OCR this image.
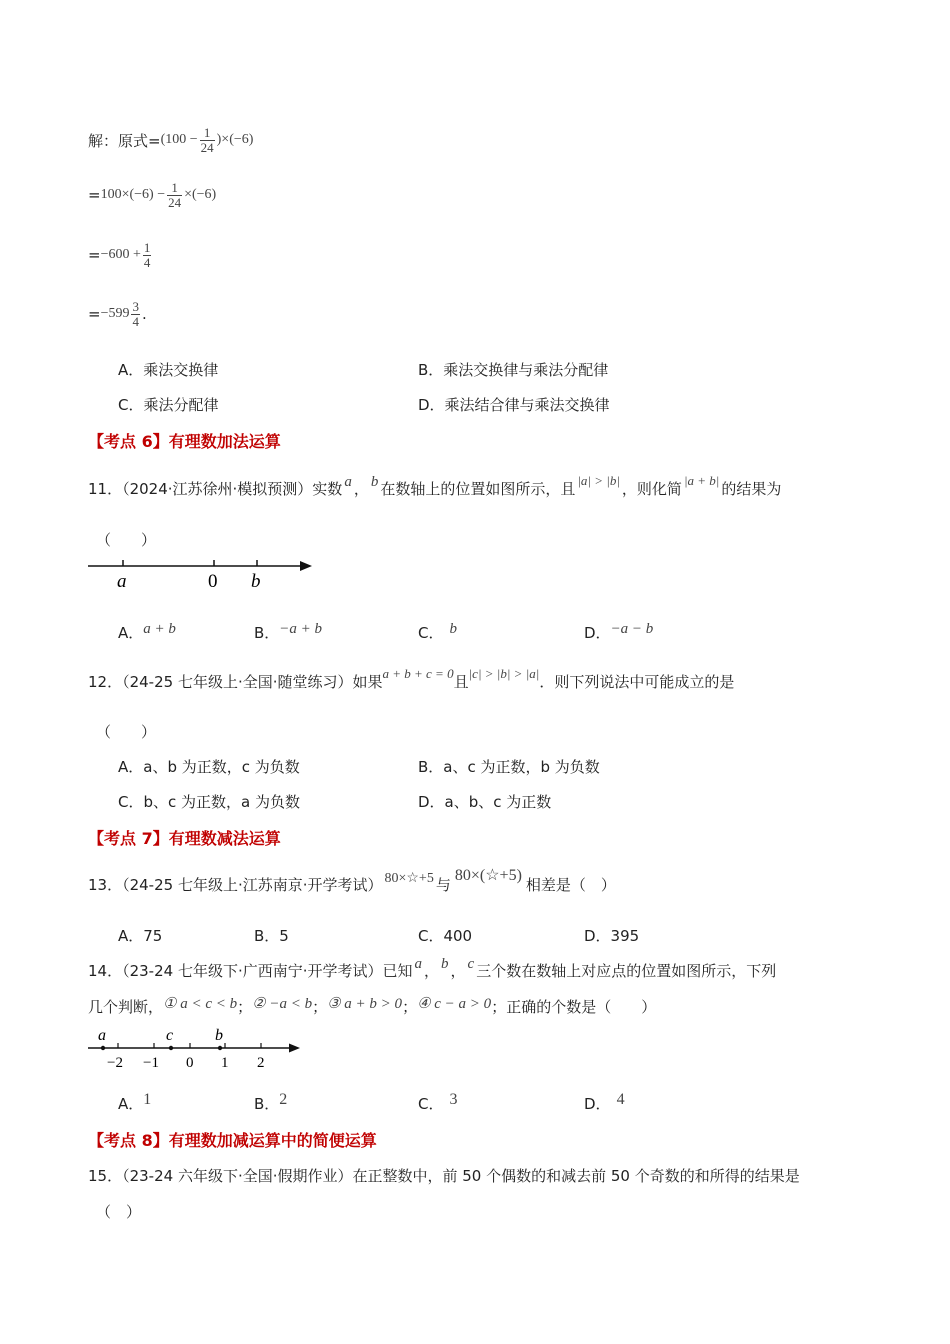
解：原式= $(100 - \frac{1}{24} )\times(-6)$
= $100\times(-6) - \frac{1}{24} \times(-6)$
= $-600 + \frac{1}{4}$
= $-599 \frac{3}{4}$ .
A．乘法交换律	B．乘法交换律与乘法分配律
C．乘法分配律	D．乘法结合律与乘法交换律
【考点 6】有理数加法运算
11．（2024·江苏徐州·模拟预测）实数 a ， b 在数轴上的位置如图所示，且 |a| > |b| ，则化简 |a + b| 的结果为
（　　）
a	0 b
A． a + b	B． −a + b	C． b	D． −a − b
12．（24-25 七年级上·全国·随堂练习）如果 a + b + c = 0 且 |c| > |b| > |a| ．则下列说法中可能成立的是
（　　）
A．a、b 为正数，c 为负数	B．a、c 为正数，b 为负数
C．b、c 为正数，a 为负数	D．a、b、c 为正数
【考点 7】有理数减法运算
13．（24-25 七年级上·江苏南京·开学考试） 80×☆+5 与
80×(☆+5)
相差是（　）
A．75	B．5	C．400	D．395
14．（23-24 七年级下·广西南宁·开学考试）已知 a ， b ， c 三个数在数轴上对应点的位置如图所示，下列
几个判断， ① a < c < b ； ② −a < b ； ③ a + b > 0 ； ④ c − a > 0 ；正确的个数是（　　）
a	c	b
−2 −1 0 1 2
A． 1	B． 2	C． 3	D． 4
【考点 8】有理数加减运算中的简便运算
15．（23-24 六年级下·全国·假期作业）在正整数中，前 50 个偶数的和减去前 50 个奇数的和所得的结果是
（　）
